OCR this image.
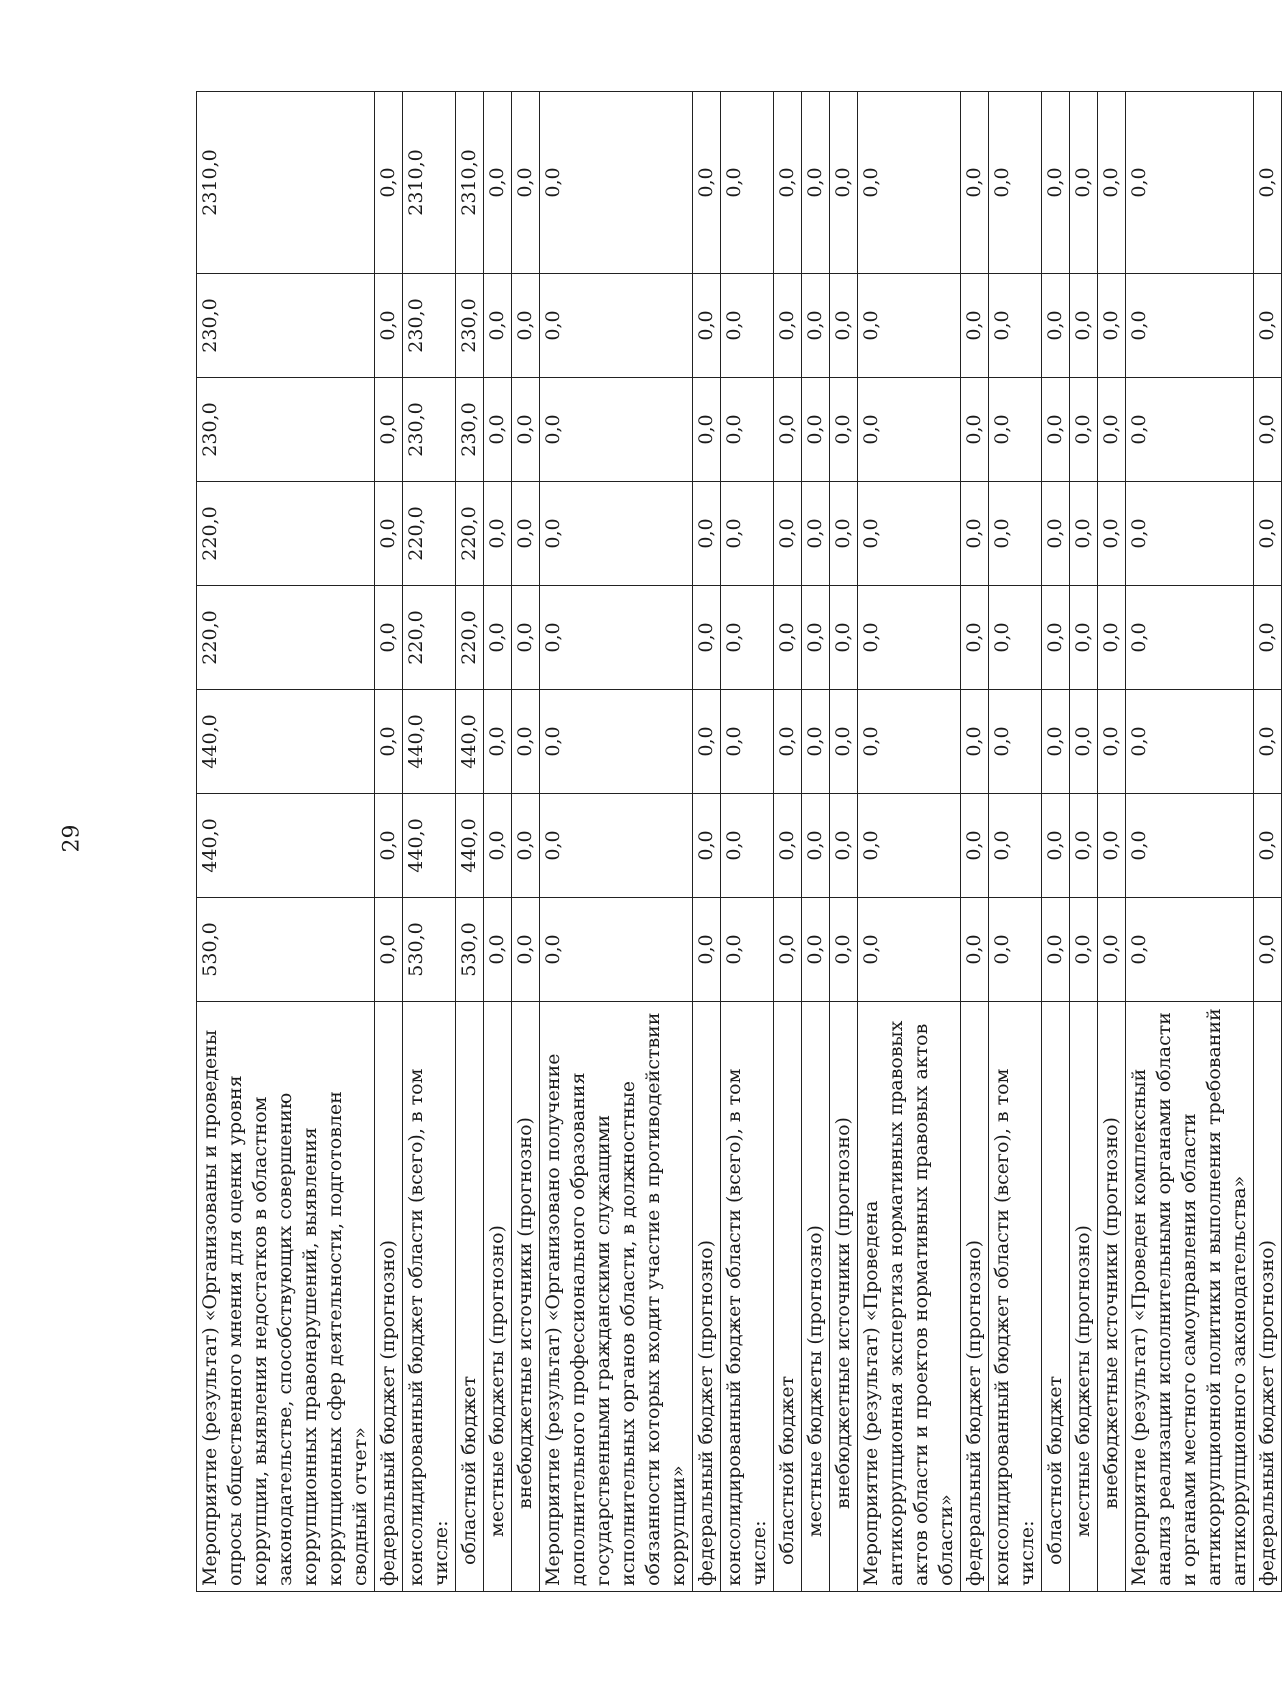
29
Мероприятие (результат) «Организованы и проведены опросы общественного мнения для оценки уровня коррупции, выявления недостатков в областном законодательстве, способствующих совершению коррупционных правонарушений, выявления коррупционных сфер деятельности, подготовлен сводный отчет»	530,0	440,0	440,0	220,0	220,0	230,0	230,0	2310,0
федеральный бюджет (прогнозно)	0,0	0,0	0,0	0,0	0,0	0,0	0,0	0,0
консолидированный бюджет области (всего), в том числе:	530,0	440,0	440,0	220,0	220,0	230,0	230,0	2310,0
областной бюджет	530,0	440,0	440,0	220,0	220,0	230,0	230,0	2310,0
местные бюджеты (прогнозно)	0,0	0,0	0,0	0,0	0,0	0,0	0,0	0,0
внебюджетные источники (прогнозно)	0,0	0,0	0,0	0,0	0,0	0,0	0,0	0,0
Мероприятие (результат) «Организовано получение дополнительного профессионального образования государственными гражданскими служащими исполнительных органов области, в должностные обязанности которых входит участие в противодействии коррупции»	0,0	0,0	0,0	0,0	0,0	0,0	0,0	0,0
федеральный бюджет (прогнозно)	0,0	0,0	0,0	0,0	0,0	0,0	0,0	0,0
консолидированный бюджет области (всего), в том числе:	0,0	0,0	0,0	0,0	0,0	0,0	0,0	0,0
областной бюджет	0,0	0,0	0,0	0,0	0,0	0,0	0,0	0,0
местные бюджеты (прогнозно)	0,0	0,0	0,0	0,0	0,0	0,0	0,0	0,0
внебюджетные источники (прогнозно)	0,0	0,0	0,0	0,0	0,0	0,0	0,0	0,0
Мероприятие (результат) «Проведена антикоррупционная экспертиза нормативных правовых актов области и проектов нормативных правовых актов области»	0,0	0,0	0,0	0,0	0,0	0,0	0,0	0,0
федеральный бюджет (прогнозно)	0,0	0,0	0,0	0,0	0,0	0,0	0,0	0,0
консолидированный бюджет области (всего), в том числе:	0,0	0,0	0,0	0,0	0,0	0,0	0,0	0,0
областной бюджет	0,0	0,0	0,0	0,0	0,0	0,0	0,0	0,0
местные бюджеты (прогнозно)	0,0	0,0	0,0	0,0	0,0	0,0	0,0	0,0
внебюджетные источники (прогнозно)	0,0	0,0	0,0	0,0	0,0	0,0	0,0	0,0
Мероприятие (результат) «Проведен комплексный анализ реализации исполнительными органами области и органами местного самоуправления области антикоррупционной политики и выполнения требований антикоррупционного законодательства»	0,0	0,0	0,0	0,0	0,0	0,0	0,0	0,0
федеральный бюджет (прогнозно)	0,0	0,0	0,0	0,0	0,0	0,0	0,0	0,0
